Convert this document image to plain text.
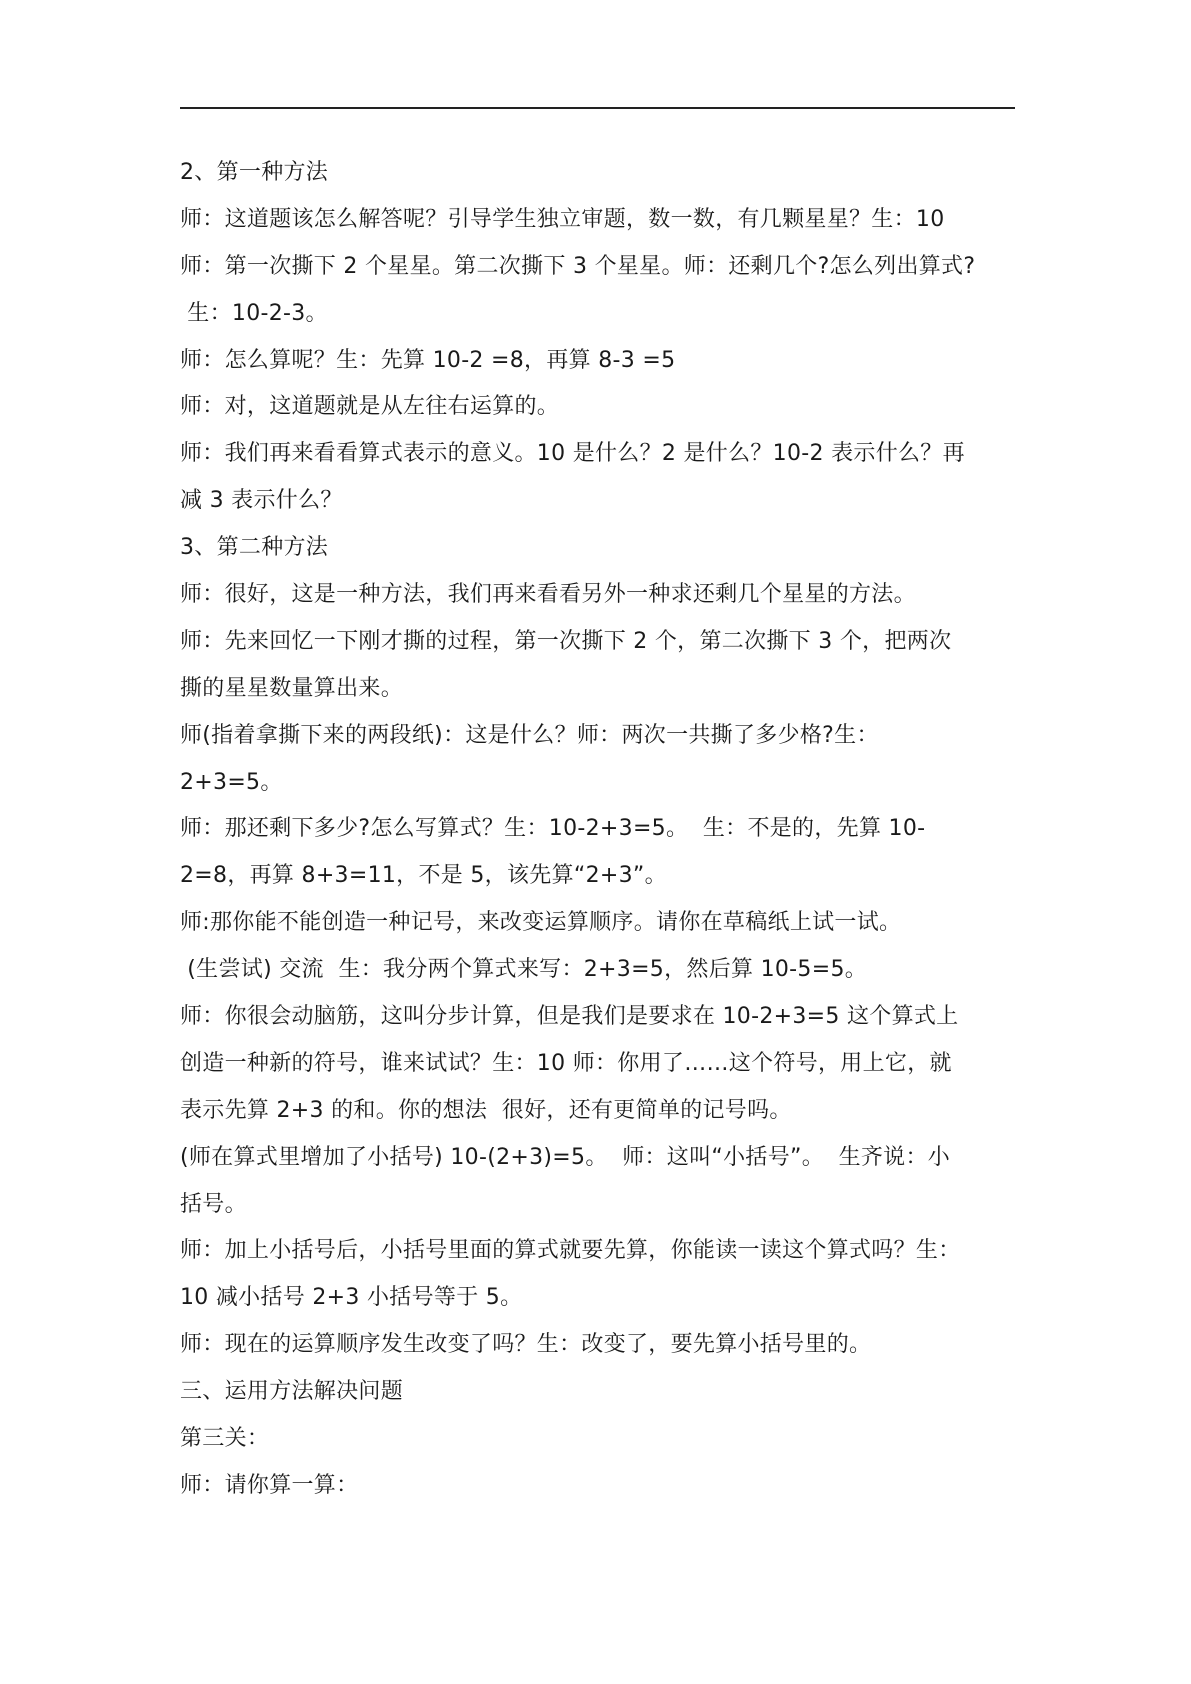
2、第一种方法
师：这道题该怎么解答呢？引导学生独立审题，数一数，有几颗星星？生：10
师：第一次撕下 2 个星星。第二次撕下 3 个星星。师：还剩几个?怎么列出算式?
生：10-2-3。
师：怎么算呢？生：先算 10-2 =8，再算 8-3 =5
师：对，这道题就是从左往右运算的。
师：我们再来看看算式表示的意义。10 是什么？2 是什么？10-2 表示什么？再
减 3 表示什么？
3、第二种方法
师：很好，这是一种方法，我们再来看看另外一种求还剩几个星星的方法。
师：先来回忆一下刚才撕的过程，第一次撕下 2 个，第二次撕下 3 个，把两次
撕的星星数量算出来。
师(指着拿撕下来的两段纸)：这是什么？师：两次一共撕了多少格?生：
2+3=5。
师：那还剩下多少?怎么写算式？生：10-2+3=5。  生：不是的，先算 10-
2=8，再算 8+3=11，不是 5，该先算“2+3”。
师:那你能不能创造一种记号，来改变运算顺序。请你在草稿纸上试一试。
(生尝试) 交流  生：我分两个算式来写：2+3=5，然后算 10-5=5。
师：你很会动脑筋，这叫分步计算，但是我们是要求在 10-2+3=5 这个算式上
创造一种新的符号，谁来试试？生：10 师：你用了……这个符号，用上它，就
表示先算 2+3 的和。你的想法  很好，还有更简单的记号吗。
(师在算式里增加了小括号) 10-(2+3)=5。  师：这叫“小括号”。  生齐说：小
括号。
师：加上小括号后，小括号里面的算式就要先算，你能读一读这个算式吗？生：
10 减小括号 2+3 小括号等于 5。
师：现在的运算顺序发生改变了吗？生：改变了，要先算小括号里的。
三、运用方法解决问题
第三关：
师：请你算一算：
